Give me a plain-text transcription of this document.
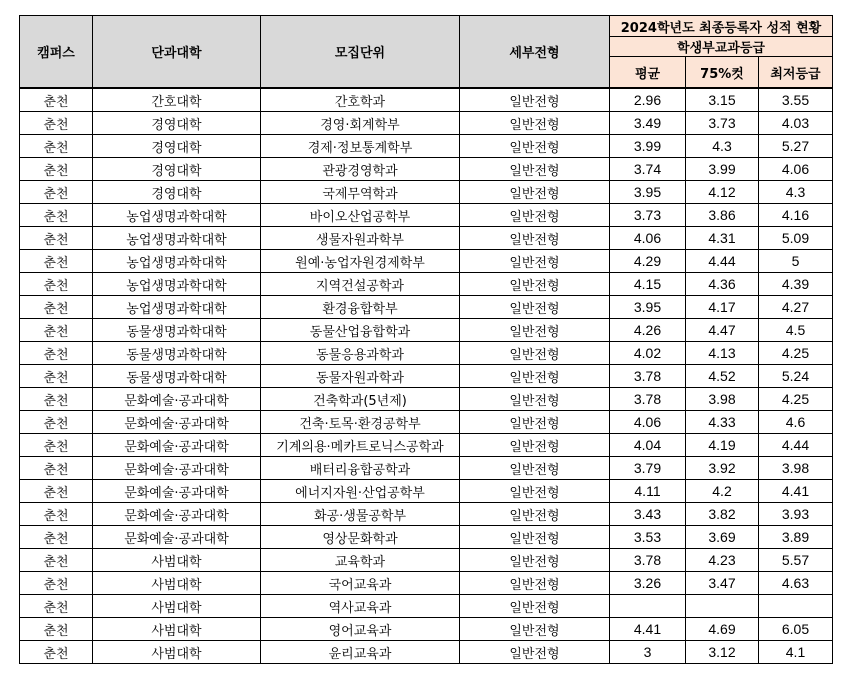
캠퍼스	단과대학	모집단위	세부전형	2024학년도 최종등록자 성적 현황		
				학생부교과등급		
				평균	75%컷	최저등급
춘천	간호대학	간호학과	일반전형	2.96	3.15	3.55
춘천	경영대학	경영·회계학부	일반전형	3.49	3.73	4.03
춘천	경영대학	경제·정보통계학부	일반전형	3.99	4.3	5.27
춘천	경영대학	관광경영학과	일반전형	3.74	3.99	4.06
춘천	경영대학	국제무역학과	일반전형	3.95	4.12	4.3
춘천	농업생명과학대학	바이오산업공학부	일반전형	3.73	3.86	4.16
춘천	농업생명과학대학	생물자원과학부	일반전형	4.06	4.31	5.09
춘천	농업생명과학대학	원예·농업자원경제학부	일반전형	4.29	4.44	5
춘천	농업생명과학대학	지역건설공학과	일반전형	4.15	4.36	4.39
춘천	농업생명과학대학	환경융합학부	일반전형	3.95	4.17	4.27
춘천	동물생명과학대학	동물산업융합학과	일반전형	4.26	4.47	4.5
춘천	동물생명과학대학	동물응용과학과	일반전형	4.02	4.13	4.25
춘천	동물생명과학대학	동물자원과학과	일반전형	3.78	4.52	5.24
춘천	문화예술·공과대학	건축학과(5년제)	일반전형	3.78	3.98	4.25
춘천	문화예술·공과대학	건축·토목·환경공학부	일반전형	4.06	4.33	4.6
춘천	문화예술·공과대학	기계의용·메카트로닉스공학과	일반전형	4.04	4.19	4.44
춘천	문화예술·공과대학	배터리융합공학과	일반전형	3.79	3.92	3.98
춘천	문화예술·공과대학	에너지자원·산업공학부	일반전형	4.11	4.2	4.41
춘천	문화예술·공과대학	화공·생물공학부	일반전형	3.43	3.82	3.93
춘천	문화예술·공과대학	영상문화학과	일반전형	3.53	3.69	3.89
춘천	사범대학	교육학과	일반전형	3.78	4.23	5.57
춘천	사범대학	국어교육과	일반전형	3.26	3.47	4.63
춘천	사범대학	역사교육과	일반전형			
춘천	사범대학	영어교육과	일반전형	4.41	4.69	6.05
춘천	사범대학	윤리교육과	일반전형	3	3.12	4.1
